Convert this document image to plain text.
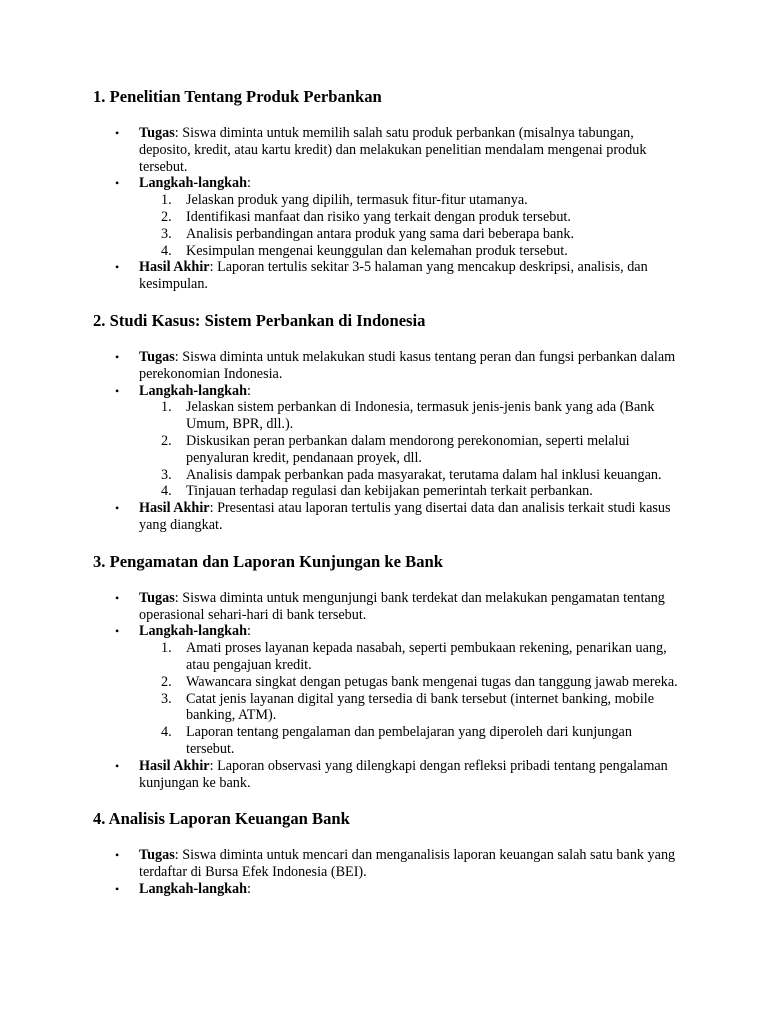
1. Penelitian Tentang Produk Perbankan
• Tugas: Siswa diminta untuk memilih salah satu produk perbankan (misalnya tabungan, deposito, kredit, atau kartu kredit) dan melakukan penelitian mendalam mengenai produk tersebut.
• Langkah-langkah:
1. Jelaskan produk yang dipilih, termasuk fitur-fitur utamanya.
2. Identifikasi manfaat dan risiko yang terkait dengan produk tersebut.
3. Analisis perbandingan antara produk yang sama dari beberapa bank.
4. Kesimpulan mengenai keunggulan dan kelemahan produk tersebut.
• Hasil Akhir: Laporan tertulis sekitar 3-5 halaman yang mencakup deskripsi, analisis, dan kesimpulan.
2. Studi Kasus: Sistem Perbankan di Indonesia
• Tugas: Siswa diminta untuk melakukan studi kasus tentang peran dan fungsi perbankan dalam perekonomian Indonesia.
• Langkah-langkah:
1. Jelaskan sistem perbankan di Indonesia, termasuk jenis-jenis bank yang ada (Bank Umum, BPR, dll.).
2. Diskusikan peran perbankan dalam mendorong perekonomian, seperti melalui penyaluran kredit, pendanaan proyek, dll.
3. Analisis dampak perbankan pada masyarakat, terutama dalam hal inklusi keuangan.
4. Tinjauan terhadap regulasi dan kebijakan pemerintah terkait perbankan.
• Hasil Akhir: Presentasi atau laporan tertulis yang disertai data dan analisis terkait studi kasus yang diangkat.
3. Pengamatan dan Laporan Kunjungan ke Bank
• Tugas: Siswa diminta untuk mengunjungi bank terdekat dan melakukan pengamatan tentang operasional sehari-hari di bank tersebut.
• Langkah-langkah:
1. Amati proses layanan kepada nasabah, seperti pembukaan rekening, penarikan uang, atau pengajuan kredit.
2. Wawancara singkat dengan petugas bank mengenai tugas dan tanggung jawab mereka.
3. Catat jenis layanan digital yang tersedia di bank tersebut (internet banking, mobile banking, ATM).
4. Laporan tentang pengalaman dan pembelajaran yang diperoleh dari kunjungan tersebut.
• Hasil Akhir: Laporan observasi yang dilengkapi dengan refleksi pribadi tentang pengalaman kunjungan ke bank.
4. Analisis Laporan Keuangan Bank
• Tugas: Siswa diminta untuk mencari dan menganalisis laporan keuangan salah satu bank yang terdaftar di Bursa Efek Indonesia (BEI).
• Langkah-langkah:
